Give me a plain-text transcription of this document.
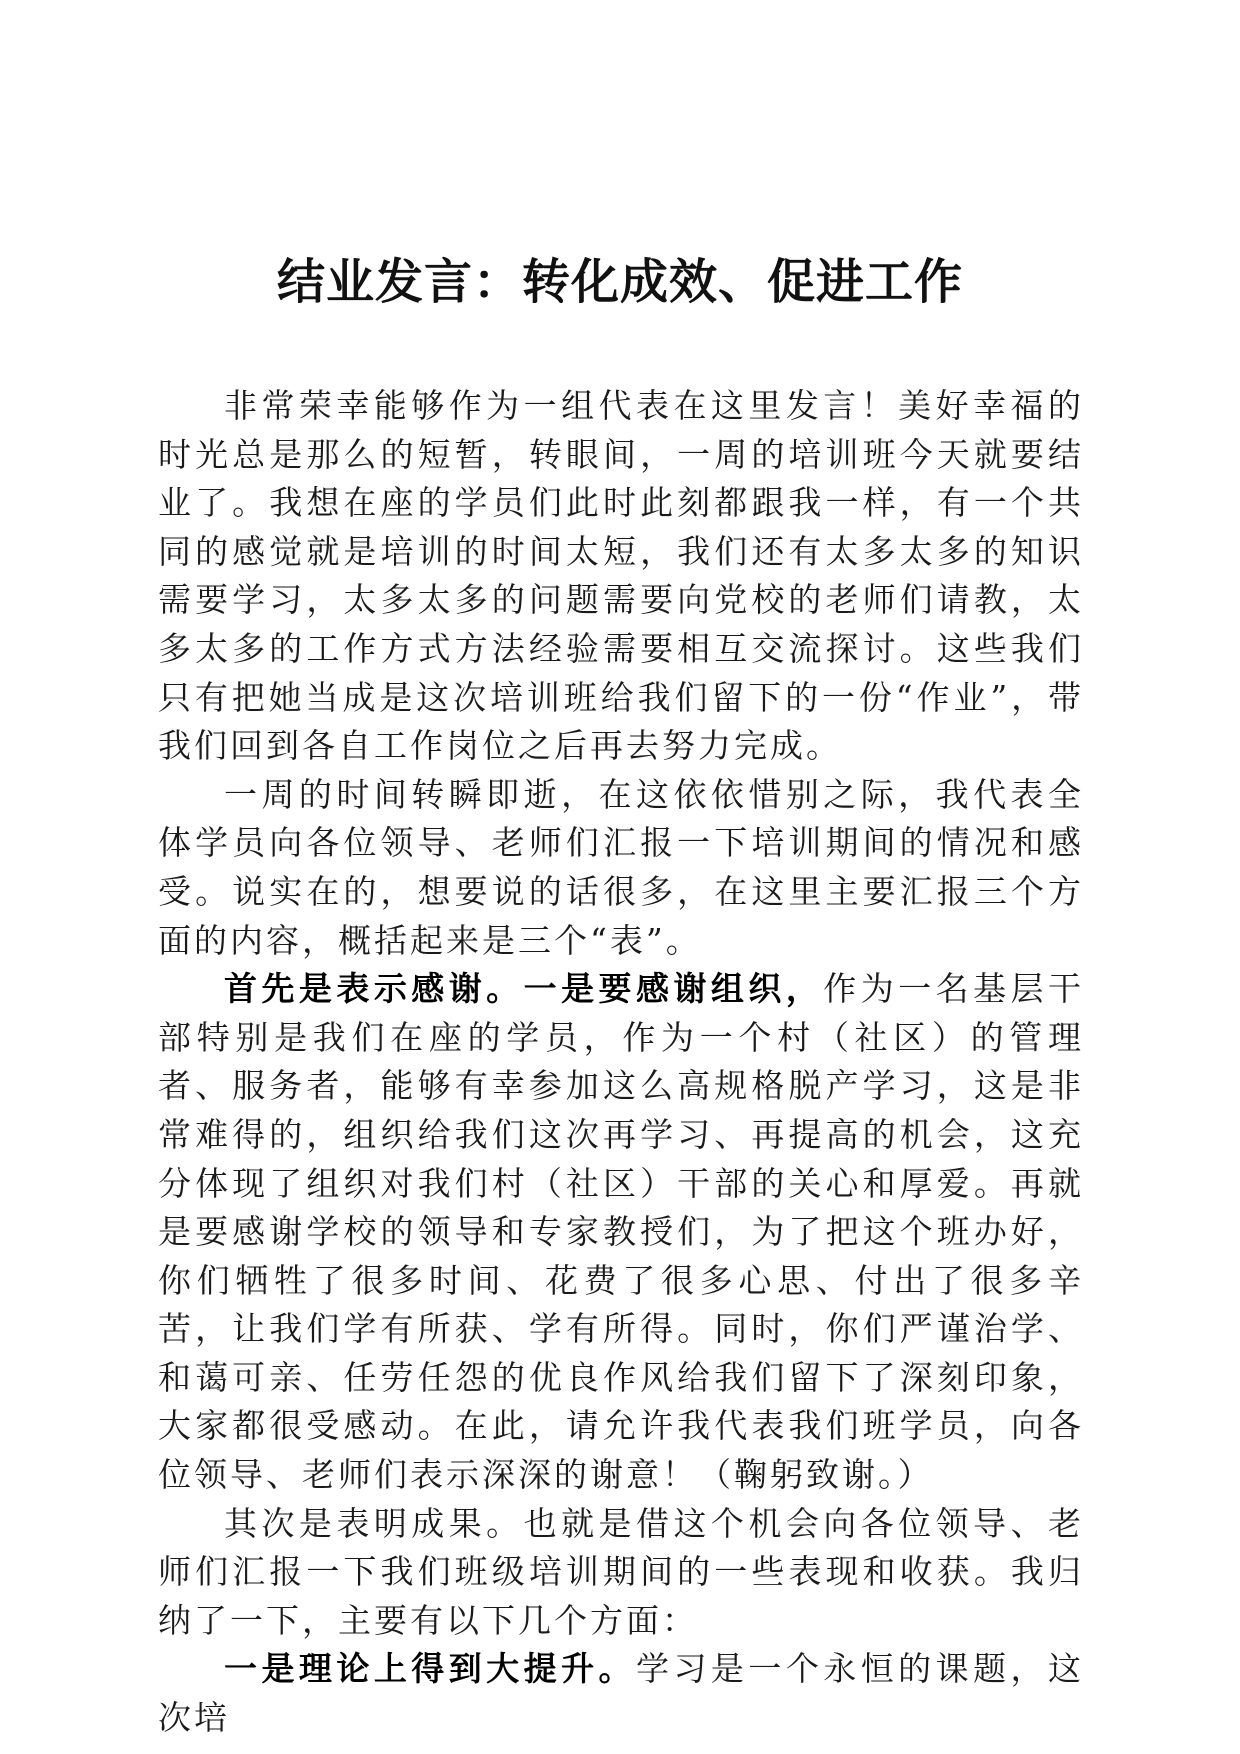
结业发言：转化成效、促进工作

非常荣幸能够作为一组代表在这里发言！美好幸福的时光总是那么的短暂，转眼间，一周的培训班今天就要结业了。我想在座的学员们此时此刻都跟我一样，有一个共同的感觉就是培训的时间太短，我们还有太多太多的知识需要学习，太多太多的问题需要向党校的老师们请教，太多太多的工作方式方法经验需要相互交流探讨。这些我们只有把她当成是这次培训班给我们留下的一份“作业”，带我们回到各自工作岗位之后再去努力完成。

一周的时间转瞬即逝，在这依依惜别之际，我代表全体学员向各位领导、老师们汇报一下培训期间的情况和感受。说实在的，想要说的话很多，在这里主要汇报三个方面的内容，概括起来是三个“表”。

首先是表示感谢。一是要感谢组织，作为一名基层干部特别是我们在座的学员，作为一个村（社区）的管理者、服务者，能够有幸参加这么高规格脱产学习，这是非常难得的，组织给我们这次再学习、再提高的机会，这充分体现了组织对我们村（社区）干部的关心和厚爱。再就是要感谢学校的领导和专家教授们，为了把这个班办好，你们牺牲了很多时间、花费了很多心思、付出了很多辛苦，让我们学有所获、学有所得。同时，你们严谨治学、和蔼可亲、任劳任怨的优良作风给我们留下了深刻印象，大家都很受感动。在此，请允许我代表我们班学员，向各位领导、老师们表示深深的谢意！（鞠躬致谢。）

其次是表明成果。也就是借这个机会向各位领导、老师们汇报一下我们班级培训期间的一些表现和收获。我归纳了一下，主要有以下几个方面：

一是理论上得到大提升。学习是一个永恒的课题，这次培
